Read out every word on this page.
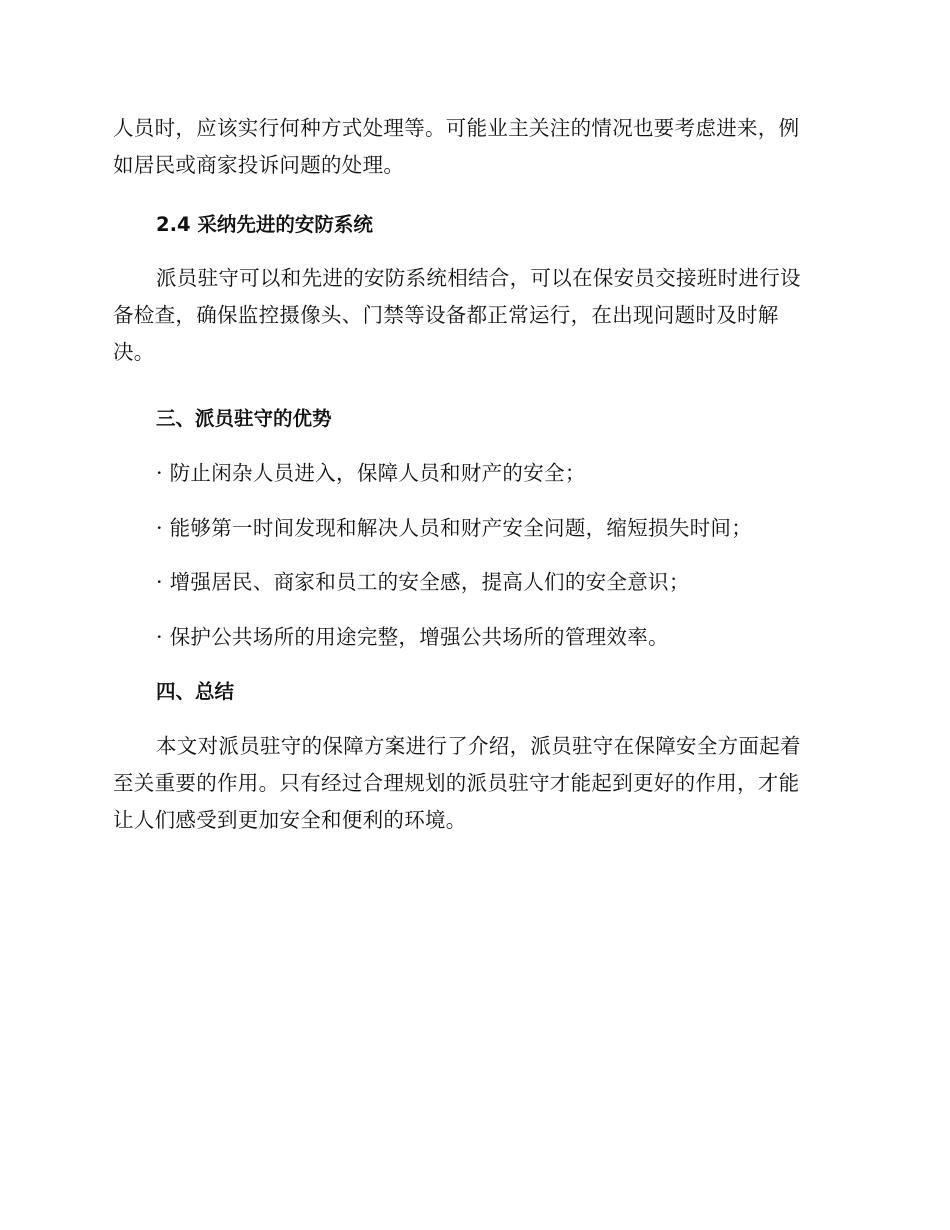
人员时，应该实行何种方式处理等。可能业主关注的情况也要考虑进来，例
如居民或商家投诉问题的处理。
2.4 采纳先进的安防系统
派员驻守可以和先进的安防系统相结合，可以在保安员交接班时进行设
备检查，确保监控摄像头、门禁等设备都正常运行，在出现问题时及时解
决。
三、派员驻守的优势
· 防止闲杂人员进入，保障人员和财产的安全；
· 能够第一时间发现和解决人员和财产安全问题，缩短损失时间；
· 增强居民、商家和员工的安全感，提高人们的安全意识；
· 保护公共场所的用途完整，增强公共场所的管理效率。
四、总结
本文对派员驻守的保障方案进行了介绍，派员驻守在保障安全方面起着
至关重要的作用。只有经过合理规划的派员驻守才能起到更好的作用，才能
让人们感受到更加安全和便利的环境。
